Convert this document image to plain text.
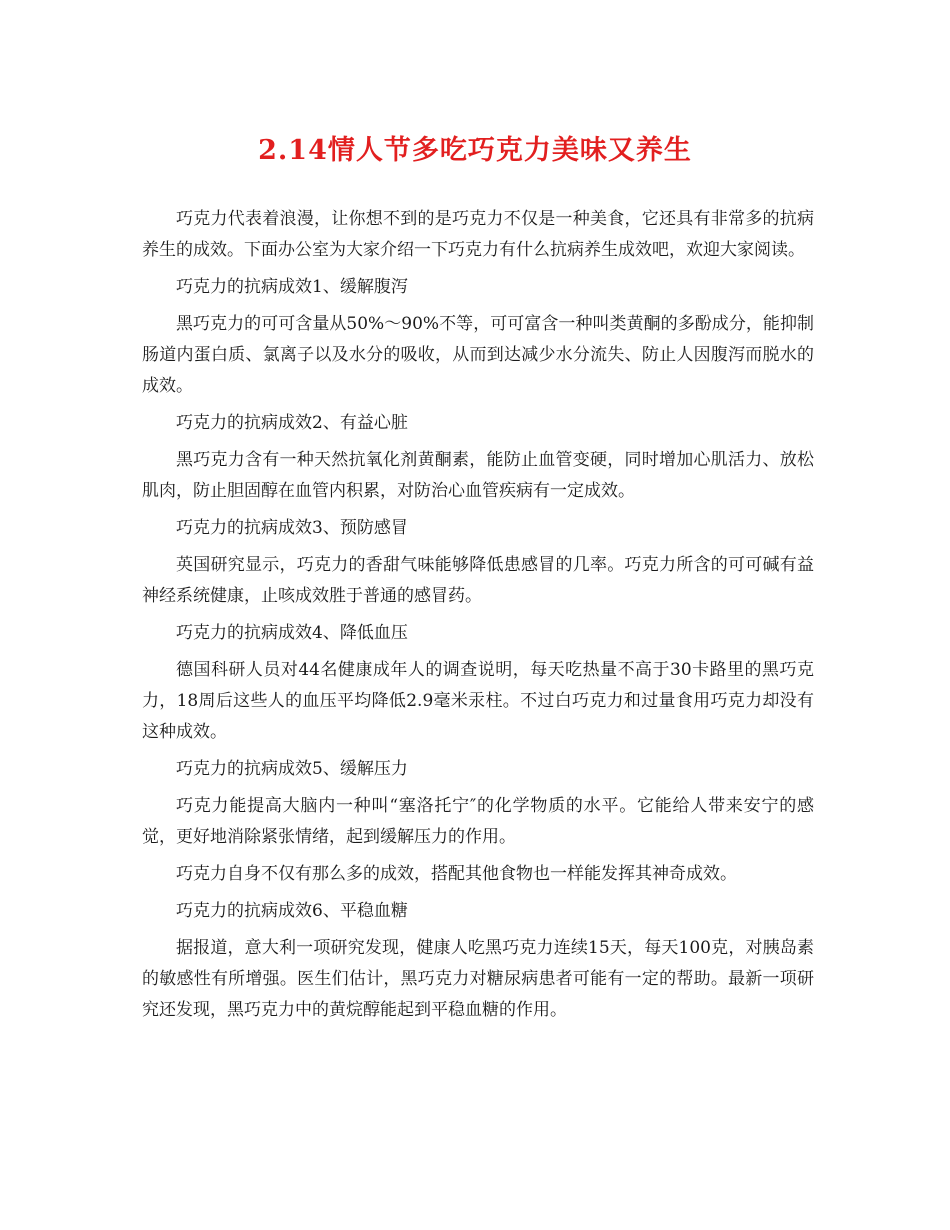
2.14情人节多吃巧克力美味又养生

巧克力代表着浪漫，让你想不到的是巧克力不仅是一种美食，它还具有非常多的抗病养生的成效。下面办公室为大家介绍一下巧克力有什么抗病养生成效吧，欢迎大家阅读。

巧克力的抗病成效1、缓解腹泻

黑巧克力的可可含量从50%～90%不等，可可富含一种叫类黄酮的多酚成分，能抑制肠道内蛋白质、氯离子以及水分的吸收，从而到达减少水分流失、防止人因腹泻而脱水的成效。

巧克力的抗病成效2、有益心脏

黑巧克力含有一种天然抗氧化剂黄酮素，能防止血管变硬，同时增加心肌活力、放松肌肉，防止胆固醇在血管内积累，对防治心血管疾病有一定成效。

巧克力的抗病成效3、预防感冒

英国研究显示，巧克力的香甜气味能够降低患感冒的几率。巧克力所含的可可碱有益神经系统健康，止咳成效胜于普通的感冒药。

巧克力的抗病成效4、降低血压

德国科研人员对44名健康成年人的调查说明，每天吃热量不高于30卡路里的黑巧克力，18周后这些人的血压平均降低2.9毫米汞柱。不过白巧克力和过量食用巧克力却没有这种成效。

巧克力的抗病成效5、缓解压力

巧克力能提高大脑内一种叫“塞洛托宁″的化学物质的水平。它能给人带来安宁的感觉，更好地消除紧张情绪，起到缓解压力的作用。

巧克力自身不仅有那么多的成效，搭配其他食物也一样能发挥其神奇成效。

巧克力的抗病成效6、平稳血糖

据报道，意大利一项研究发现，健康人吃黑巧克力连续15天，每天100克，对胰岛素的敏感性有所增强。医生们估计，黑巧克力对糖尿病患者可能有一定的帮助。最新一项研究还发现，黑巧克力中的黄烷醇能起到平稳血糖的作用。
